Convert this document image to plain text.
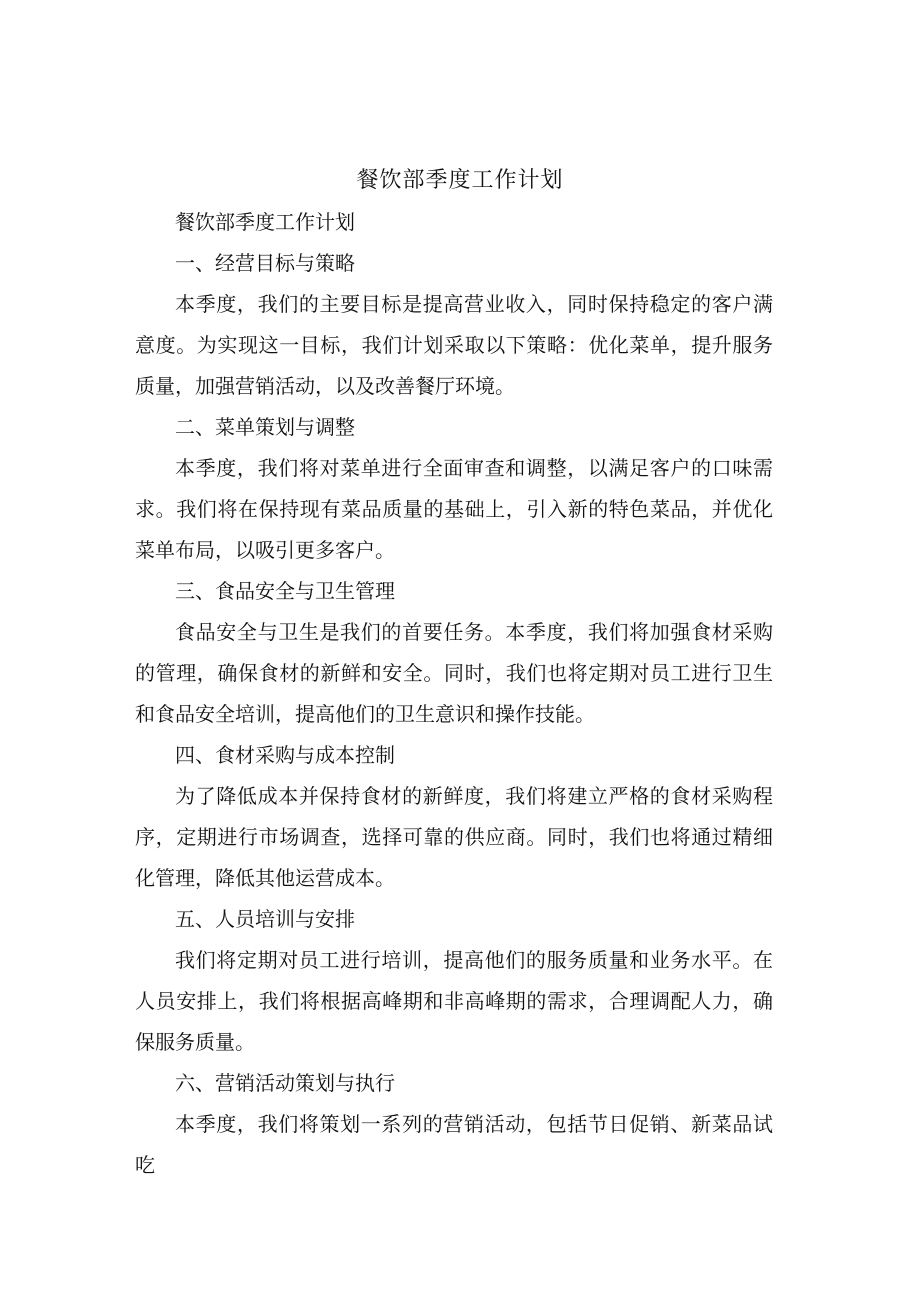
餐饮部季度工作计划

餐饮部季度工作计划

一、经营目标与策略

本季度，我们的主要目标是提高营业收入，同时保持稳定的客户满意度。为实现这一目标，我们计划采取以下策略：优化菜单，提升服务质量，加强营销活动，以及改善餐厅环境。

二、菜单策划与调整

本季度，我们将对菜单进行全面审查和调整，以满足客户的口味需求。我们将在保持现有菜品质量的基础上，引入新的特色菜品，并优化菜单布局，以吸引更多客户。

三、食品安全与卫生管理

食品安全与卫生是我们的首要任务。本季度，我们将加强食材采购的管理，确保食材的新鲜和安全。同时，我们也将定期对员工进行卫生和食品安全培训，提高他们的卫生意识和操作技能。

四、食材采购与成本控制

为了降低成本并保持食材的新鲜度，我们将建立严格的食材采购程序，定期进行市场调查，选择可靠的供应商。同时，我们也将通过精细化管理，降低其他运营成本。

五、人员培训与安排

我们将定期对员工进行培训，提高他们的服务质量和业务水平。在人员安排上，我们将根据高峰期和非高峰期的需求，合理调配人力，确保服务质量。

六、营销活动策划与执行

本季度，我们将策划一系列的营销活动，包括节日促销、新菜品试吃
